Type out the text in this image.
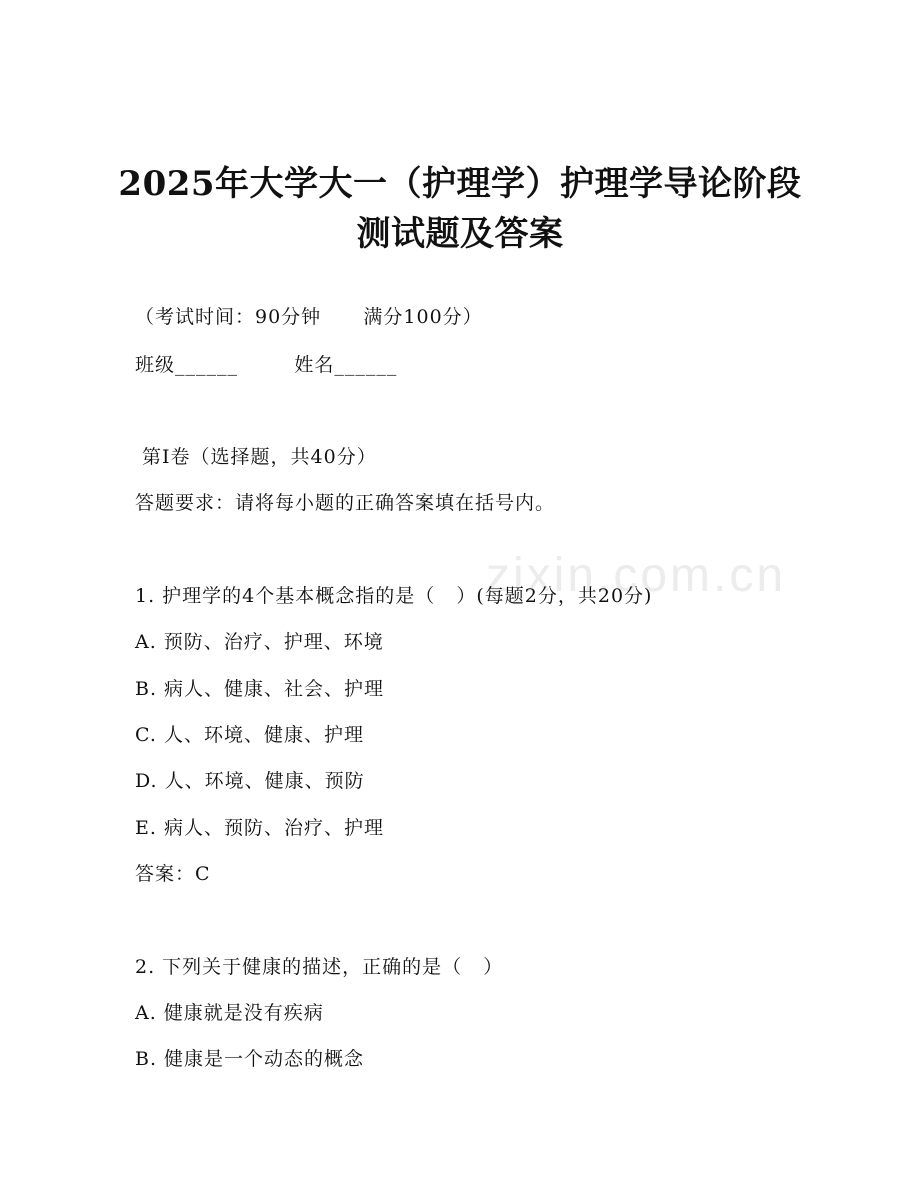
zixin.com.cn
2025年大学大一（护理学）护理学导论阶段
测试题及答案
（考试时间：90分钟      满分100分）
班级______        姓名______
第I卷（选择题，共40分）
答题要求：请将每小题的正确答案填在括号内。
1. 护理学的4个基本概念指的是（   ）(每题2分，共20分)
A. 预防、治疗、护理、环境
B. 病人、健康、社会、护理
C. 人、环境、健康、护理
D. 人、环境、健康、预防
E. 病人、预防、治疗、护理
答案：C
2. 下列关于健康的描述，正确的是（   ）
A. 健康就是没有疾病
B. 健康是一个动态的概念
